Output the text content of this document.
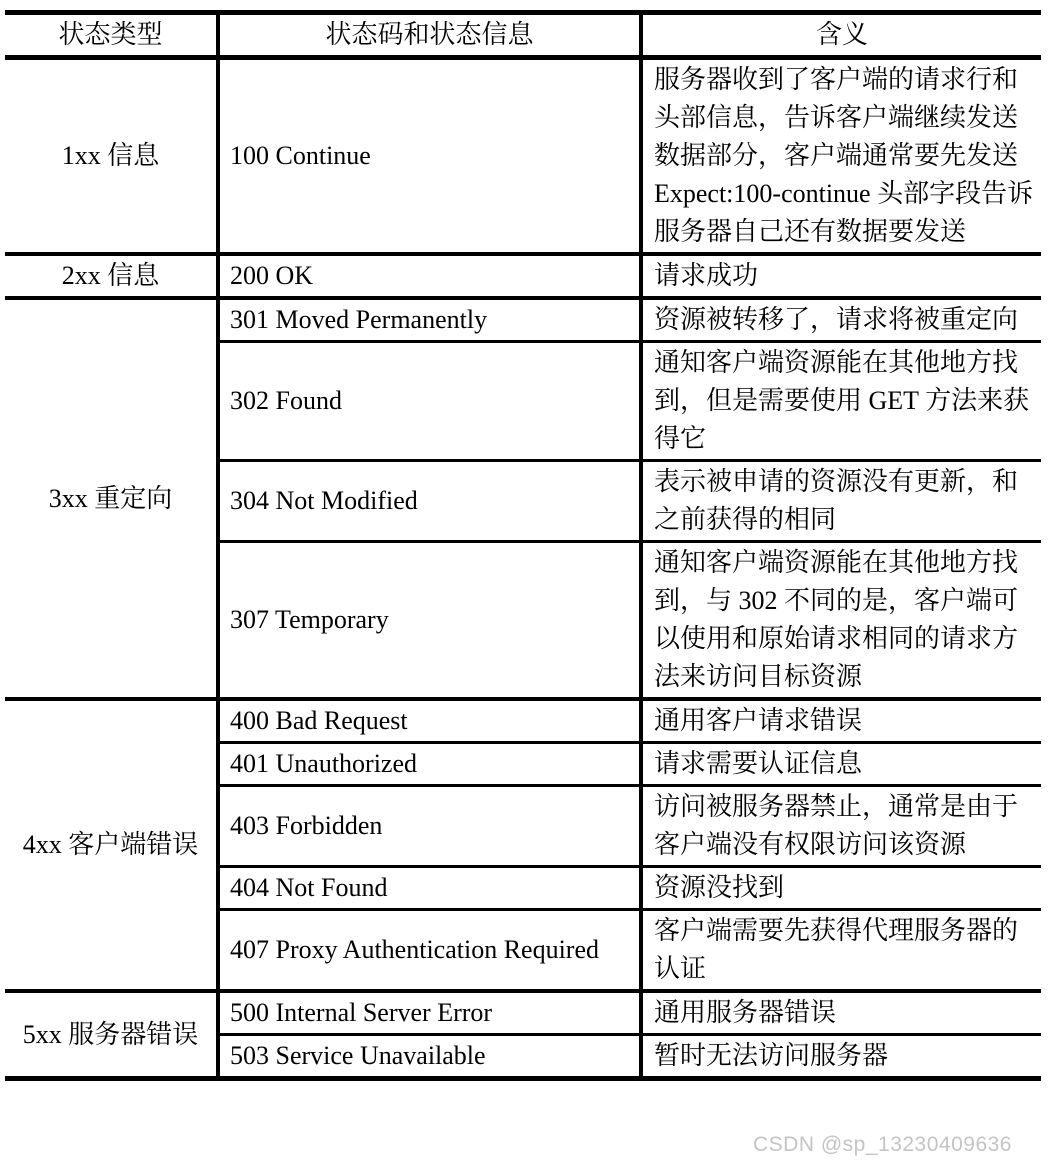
状态类型	状态码和状态信息	含义
1xx 信息	100 Continue	服务器收到了客户端的请求行和头部信息，告诉客户端继续发送数据部分，客户端通常要先发送 Expect:100-continue 头部字段告诉服务器自己还有数据要发送
2xx 信息	200 OK	请求成功
3xx 重定向	301 Moved Permanently	资源被转移了，请求将被重定向
	302 Found	通知客户端资源能在其他地方找到，但是需要使用 GET 方法来获得它
	304 Not Modified	表示被申请的资源没有更新，和之前获得的相同
	307 Temporary	通知客户端资源能在其他地方找到，与 302 不同的是，客户端可以使用和原始请求相同的请求方法来访问目标资源
4xx 客户端错误	400 Bad Request	通用客户请求错误
	401 Unauthorized	请求需要认证信息
	403 Forbidden	访问被服务器禁止，通常是由于客户端没有权限访问该资源
	404 Not Found	资源没找到
	407 Proxy Authentication Required	客户端需要先获得代理服务器的认证
5xx 服务器错误	500 Internal Server Error	通用服务器错误
	503 Service Unavailable	暂时无法访问服务器
CSDN @sp_13230409636
